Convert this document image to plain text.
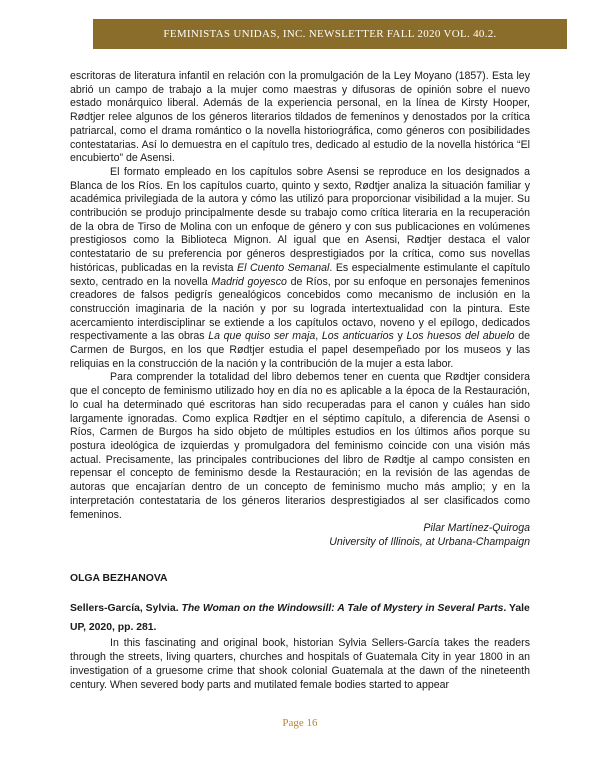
FEMINISTAS UNIDAS, INC. NEWSLETTER FALL 2020 VOL. 40.2.

escritoras de literatura infantil en relación con la promulgación de la Ley Moyano (1857). Esta ley abrió un campo de trabajo a la mujer como maestras y difusoras de opinión sobre el nuevo estado monárquico liberal. Además de la experiencia personal, en la línea de Kirsty Hooper, Rødtjer relee algunos de los géneros literarios tildados de femeninos y denostados por la crítica patriarcal, como el drama romántico o la novella historiográfica, como géneros con posibilidades contestatarias. Así lo demuestra en el capítulo tres, dedicado al estudio de la novella histórica “El encubierto” de Asensi.

El formato empleado en los capítulos sobre Asensi se reproduce en los designados a Blanca de los Ríos. En los capítulos cuarto, quinto y sexto, Rødtjer analiza la situación familiar y académica privilegiada de la autora y cómo las utilizó para proporcionar visibilidad a la mujer. Su contribución se produjo principalmente desde su trabajo como crítica literaria en la recuperación de la obra de Tirso de Molina con un enfoque de género y con sus publicaciones en volúmenes prestigiosos como la Biblioteca Mignon. Al igual que en Asensi, Rødtjer destaca el valor contestatario de su preferencia por géneros desprestigiados por la crítica, como sus novellas históricas, publicadas en la revista El Cuento Semanal. Es especialmente estimulante el capítulo sexto, centrado en la novella Madrid goyesco de Ríos, por su enfoque en personajes femeninos creadores de falsos pedigrís genealógicos concebidos como mecanismo de inclusión en la construcción imaginaria de la nación y por su lograda intertextualidad con la pintura. Este acercamiento interdisciplinar se extiende a los capítulos octavo, noveno y el epílogo, dedicados respectivamente a las obras La que quiso ser maja, Los anticuarios y Los huesos del abuelo de Carmen de Burgos, en los que Rødtjer estudia el papel desempeñado por los museos y las reliquias en la construcción de la nación y la contribución de la mujer a esta labor.

Para comprender la totalidad del libro debemos tener en cuenta que Rødtjer considera que el concepto de feminismo utilizado hoy en día no es aplicable a la época de la Restauración, lo cual ha determinado qué escritoras han sido recuperadas para el canon y cuáles han sido largamente ignoradas. Como explica Rødtjer en el séptimo capítulo, a diferencia de Asensi o Ríos, Carmen de Burgos ha sido objeto de múltiples estudios en los últimos años porque su postura ideológica de izquierdas y promulgadora del feminismo coincide con una visión más actual. Precisamente, las principales contribuciones del libro de Rødtje al campo consisten en repensar el concepto de feminismo desde la Restauración; en la revisión de las agendas de autoras que encajarían dentro de un concepto de feminismo mucho más amplio; y en la interpretación contestataria de los géneros literarios desprestigiados al ser clasificados como femeninos.

Pilar Martínez-Quiroga
University of Illinois, at Urbana-Champaign
OLGA BEZHANOVA
Sellers-García, Sylvia. The Woman on the Windowsill: A Tale of Mystery in Several Parts. Yale UP, 2020, pp. 281.

In this fascinating and original book, historian Sylvia Sellers-García takes the readers through the streets, living quarters, churches and hospitals of Guatemala City in year 1800 in an investigation of a gruesome crime that shook colonial Guatemala at the dawn of the nineteenth century. When severed body parts and mutilated female bodies started to appear

Page 16
